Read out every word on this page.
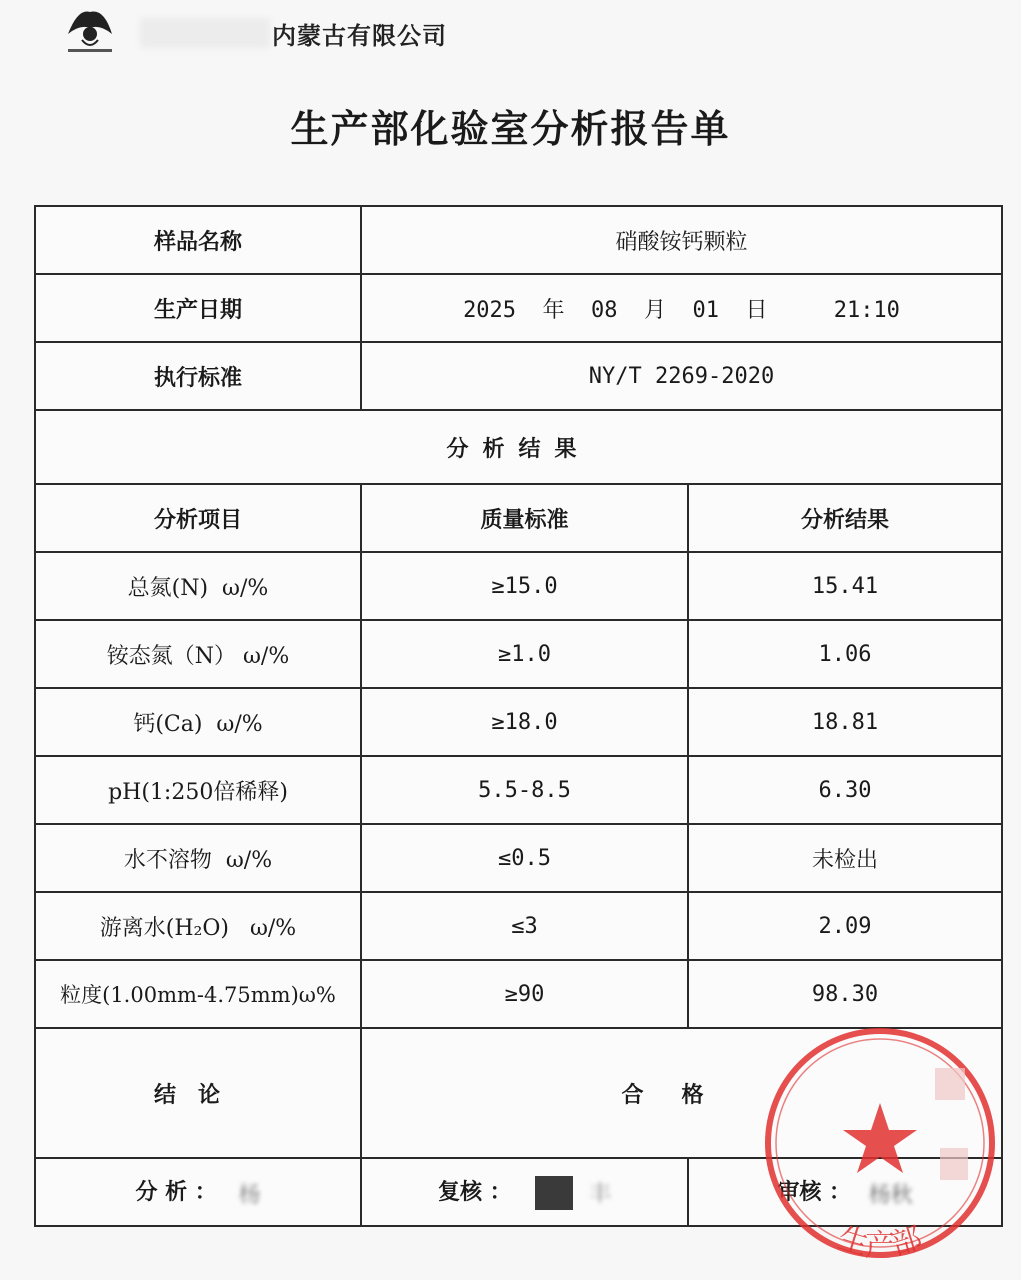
内蒙古有限公司
生产部化验室分析报告单
样品名称	硝酸铵钙颗粒	
生产日期	2025  年  08  月  01  日     21:10	
执行标准	NY/T 2269-2020	
分析结果		
分析项目	质量标准	分析结果
总氮(N)  ω/%	≥15.0	15.41
铵态氮（N） ω/%	≥1.0	1.06
钙(Ca)  ω/%	≥18.0	18.81
pH(1:250倍稀释)	5.5-8.5	6.30
水不溶物  ω/%	≤0.5	未检出
游离水(H₂O)   ω/%	≤3	2.09
粒度(1.00mm-4.75mm)ω%	≥90	98.30
结论	合格	
分 析 ： 杨	复核 ： 丰	审核 ： 杨秋
生产部
